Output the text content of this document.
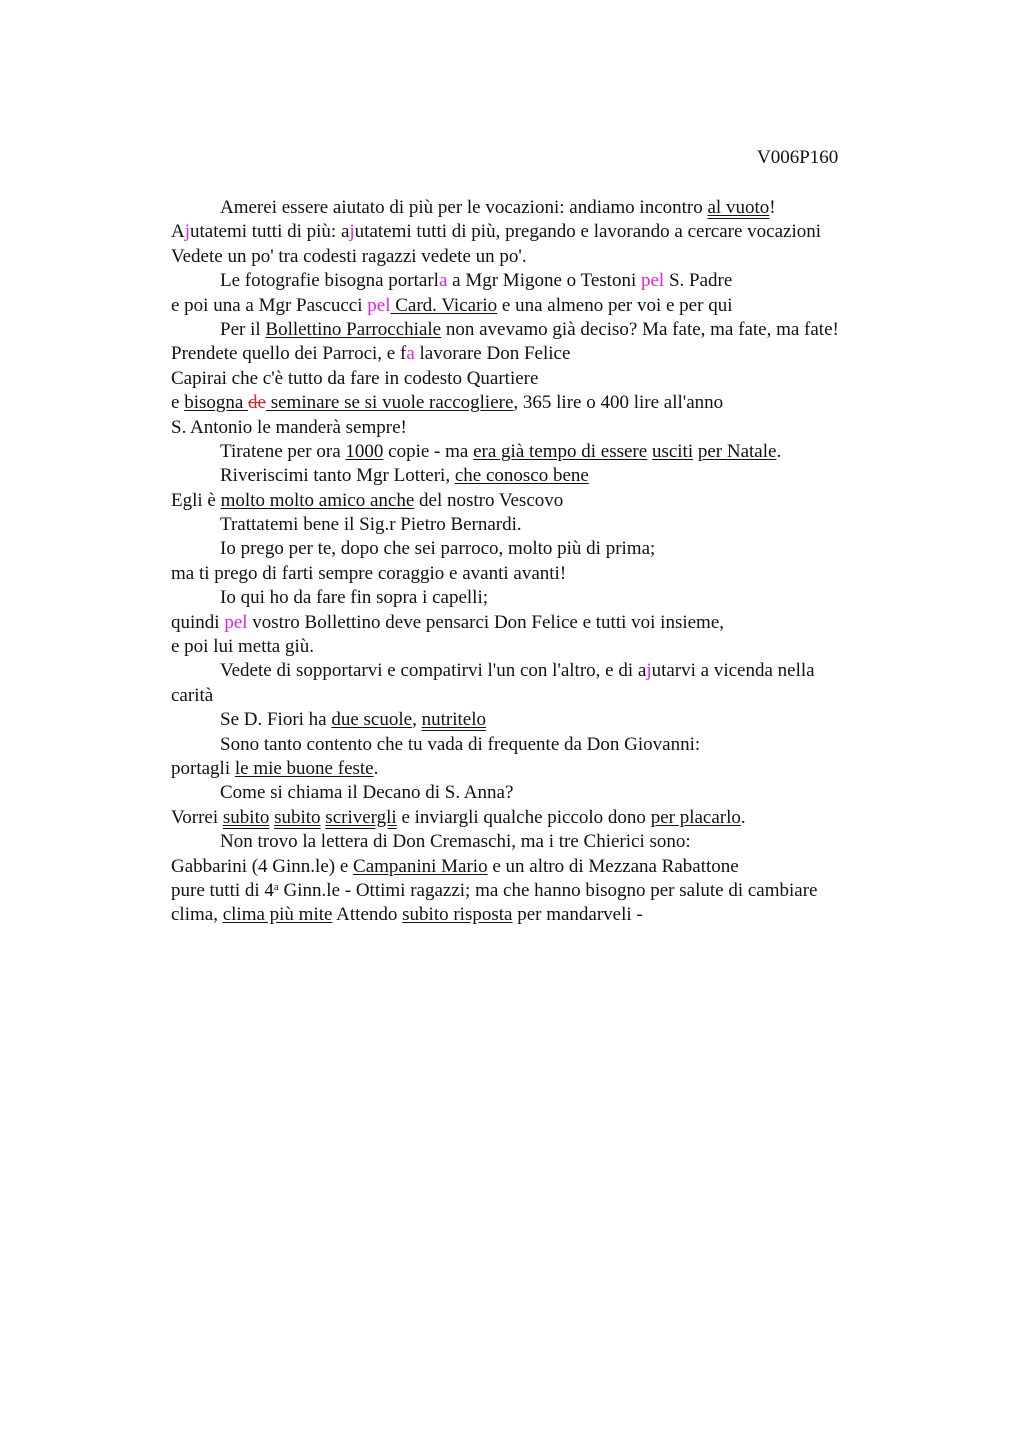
V006P160
Amerei essere aiutato di più per le vocazioni: andiamo incontro al vuoto!
Ajutatemi tutti di più: ajutatemi tutti di più, pregando e lavorando a cercare vocazioni
Vedete un po' tra codesti ragazzi vedete un po'.
Le fotografie bisogna portarla a Mgr Migone o Testoni pel S. Padre
e poi una a Mgr Pascucci pel Card. Vicario e una almeno per voi e per qui
Per il Bollettino Parrocchiale non avevamo già deciso? Ma fate, ma fate, ma fate!
Prendete quello dei Parroci, e fa lavorare Don Felice
Capirai che c'è tutto da fare in codesto Quartiere
e bisogna de seminare se si vuole raccogliere, 365 lire o 400 lire all'anno
S. Antonio le manderà sempre!
Tiratene per ora 1000 copie - ma era già tempo di essere usciti per Natale.
Riveriscimi tanto Mgr Lotteri, che conosco bene
Egli è molto molto amico anche del nostro Vescovo
Trattatemi bene il Sig.r Pietro Bernardi.
Io prego per te, dopo che sei parroco, molto più di prima;
ma ti prego di farti sempre coraggio e avanti avanti!
Io qui ho da fare fin sopra i capelli;
quindi pel vostro Bollettino deve pensarci Don Felice e tutti voi insieme,
e poi lui metta giù.
Vedete di sopportarvi e compatirvi l'un con l'altro, e di ajutarvi a vicenda nella
carità
Se D. Fiori ha due scuole, nutritelo
Sono tanto contento che tu vada di frequente da Don Giovanni:
portagli le mie buone feste.
Come si chiama il Decano di S. Anna?
Vorrei subito subito scrivergli e inviargli qualche piccolo dono per placarlo.
Non trovo la lettera di Don Cremaschi, ma i tre Chierici sono:
Gabbarini (4 Ginn.le) e Campanini Mario e un altro di Mezzana Rabattone
pure tutti di 4$^a$ Ginn.le - Ottimi ragazzi; ma che hanno bisogno per salute di cambiare
clima, clima più mite Attendo subito risposta per mandarveli -
